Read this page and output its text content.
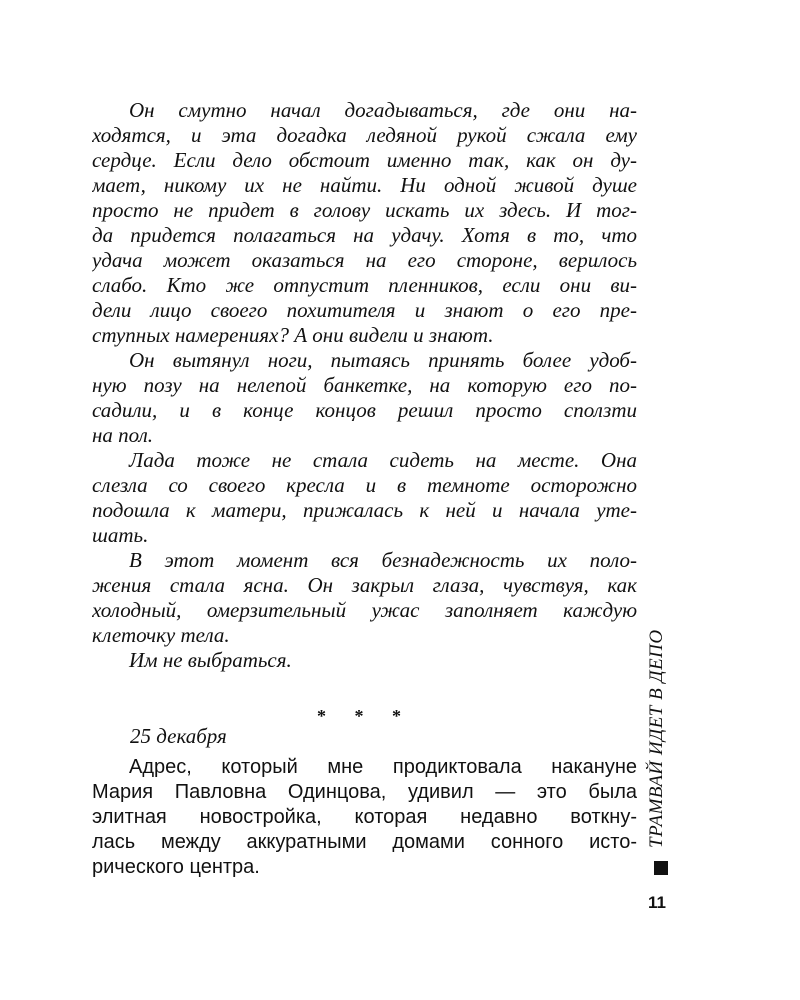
Он смутно начал догадываться, где они на-
ходятся, и эта догадка ледяной рукой сжала ему
сердце. Если дело обстоит именно так, как он ду-
мает, никому их не найти. Ни одной живой душе
просто не придет в голову искать их здесь. И тог-
да придется полагаться на удачу. Хотя в то, что
удача может оказаться на его стороне, верилось
слабо. Кто же отпустит пленников, если они ви-
дели лицо своего похитителя и знают о его пре-
ступных намерениях? А они видели и знают.
Он вытянул ноги, пытаясь принять более удоб-
ную позу на нелепой банкетке, на которую его по-
садили, и в конце концов решил просто сползти
на пол.
Лада тоже не стала сидеть на месте. Она
слезла со своего кресла и в темноте осторожно
подошла к матери, прижалась к ней и начала уте-
шать.
В этот момент вся безнадежность их поло-
жения стала ясна. Он закрыл глаза, чувствуя, как
холодный, омерзительный ужас заполняет каждую
клеточку тела.
Им не выбраться.
* * *
25 декабря
Адрес, который мне продиктовала накануне
Мария Павловна Одинцова, удивил — это была
элитная новостройка, которая недавно воткну-
лась между аккуратными домами сонного исто-
рического центра.
ТРАМВАЙ ИДЕТ В ДЕПО
11
